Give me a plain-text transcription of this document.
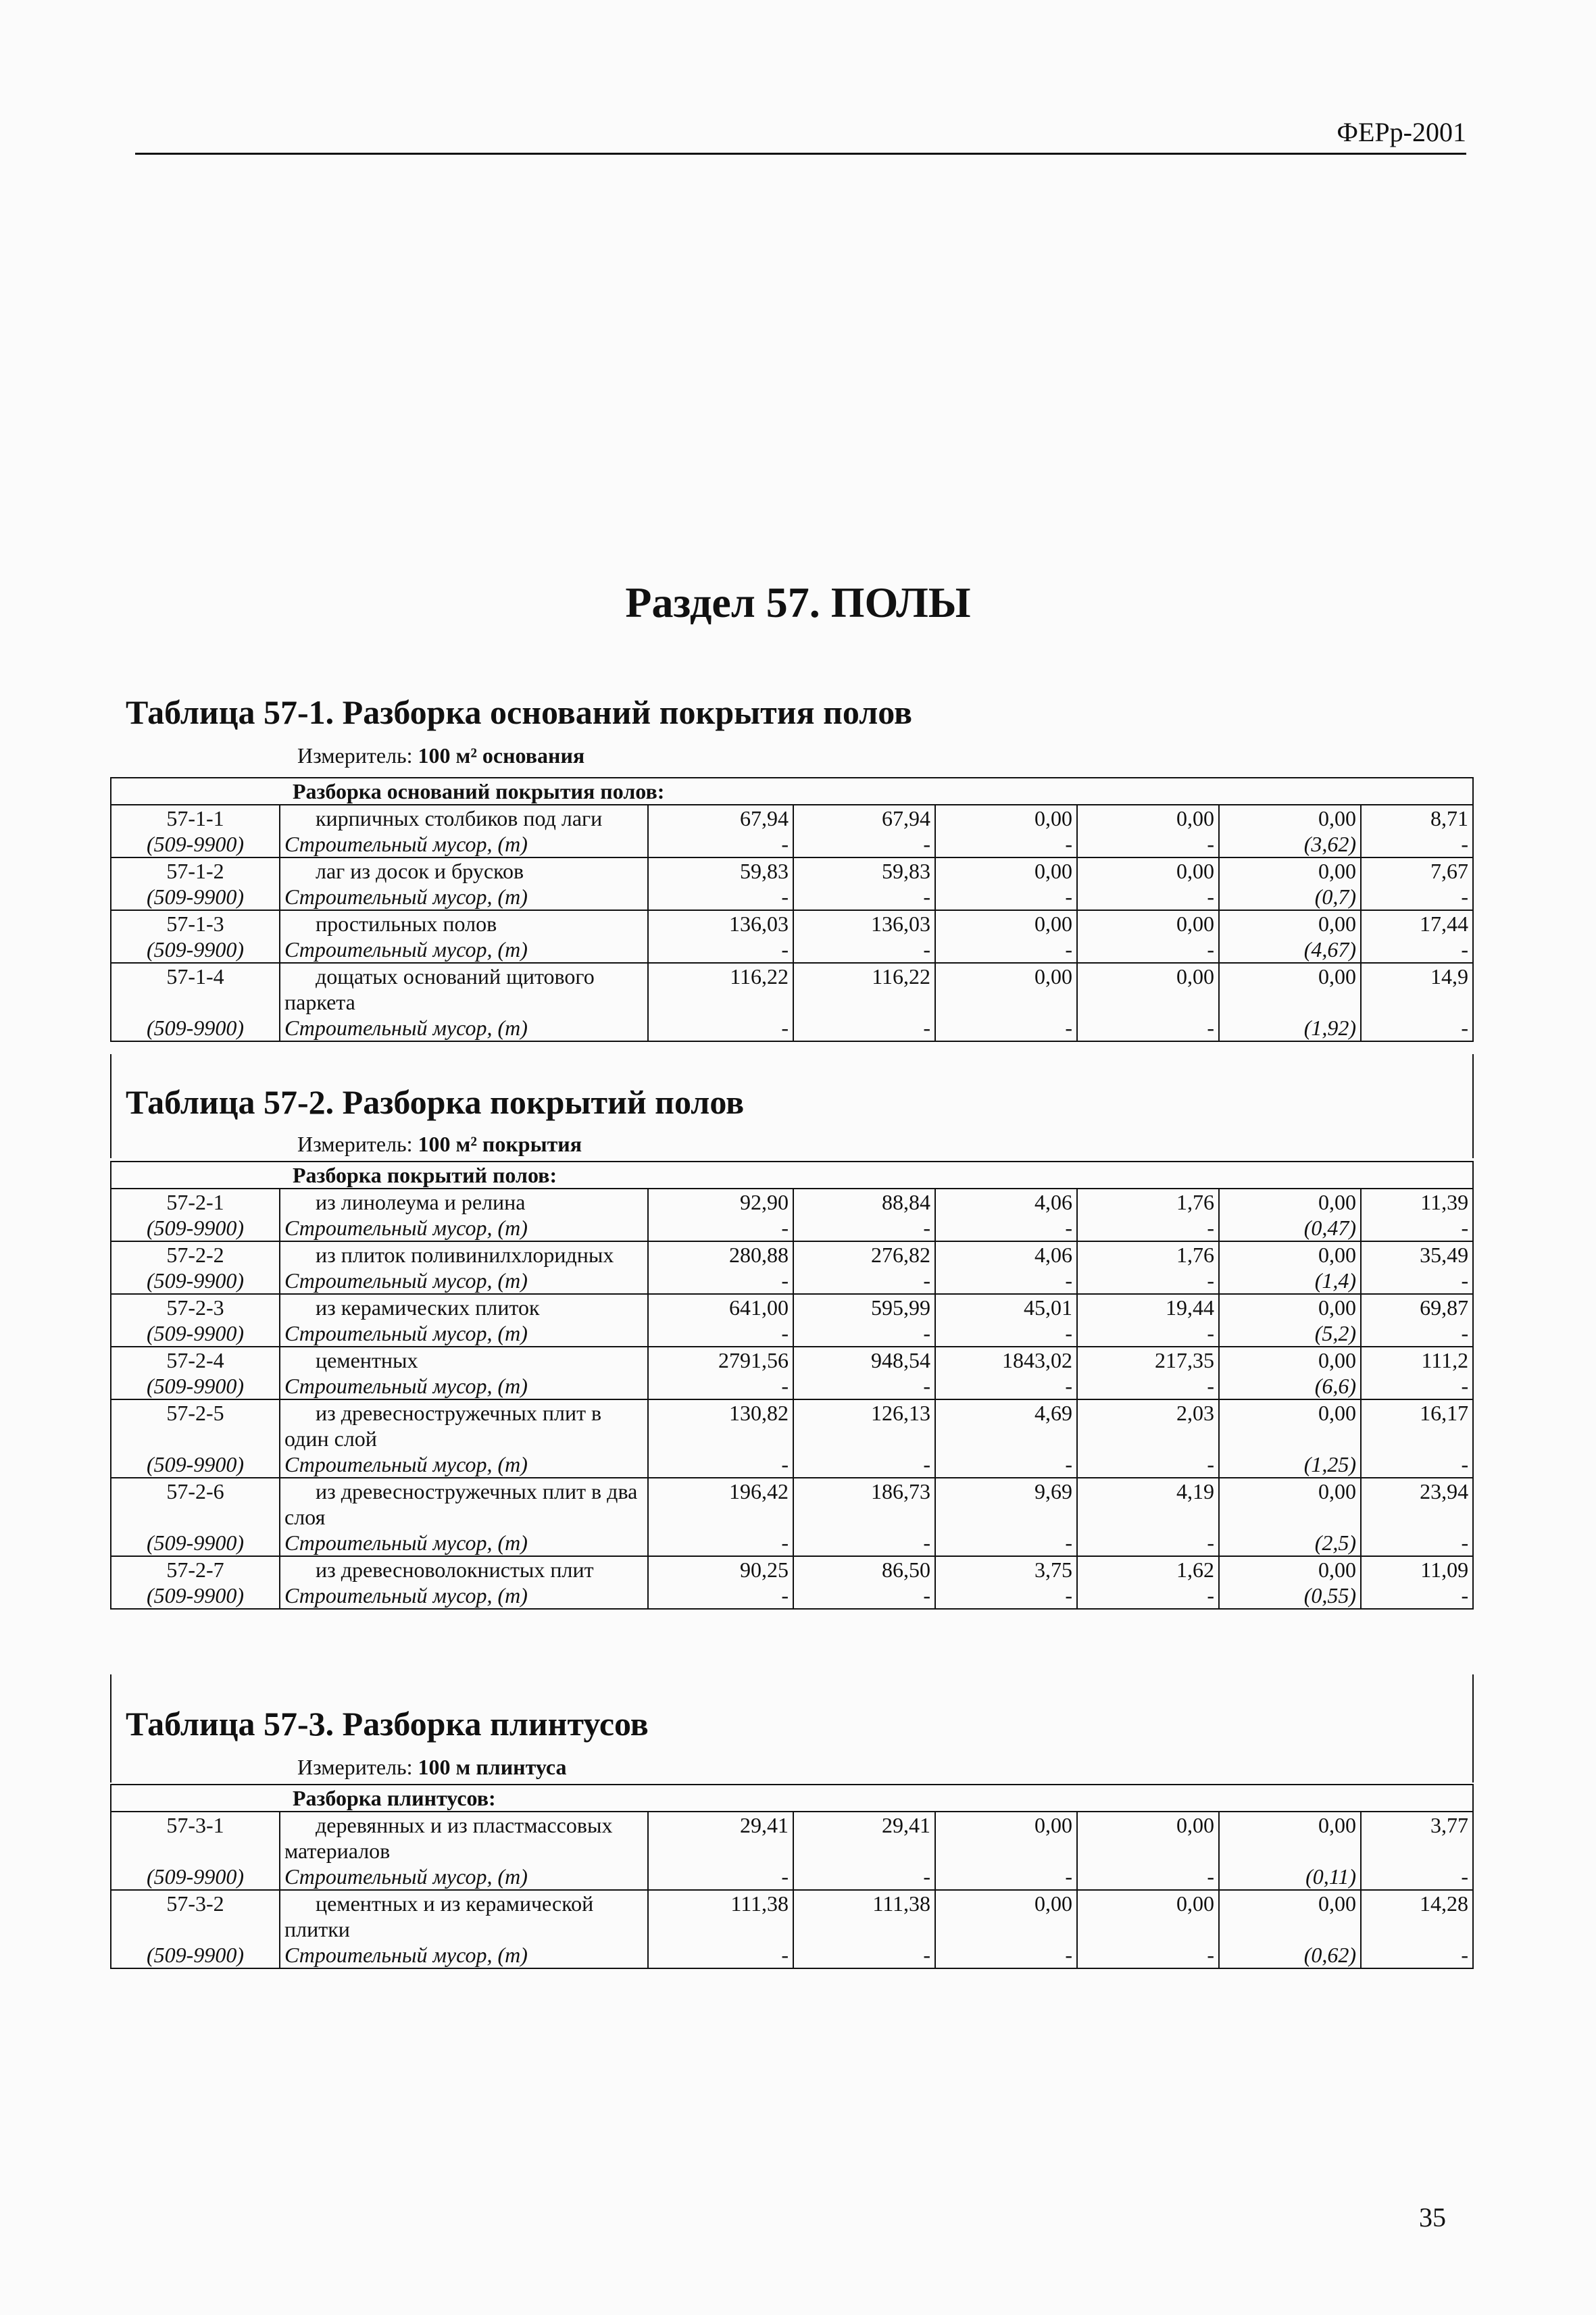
ФЕРр-2001
Раздел 57. ПОЛЫ
Таблица 57-1. Разборка оснований покрытия полов
Измеритель: 100 м² основания
Разборка оснований покрытия полов:							
57-1-1	кирпичных столбиков под лаги	67,94	67,94	0,00	0,00	0,00	8,71
(509-9900)	Строительный мусор, (т)	-	-	-	-	(3,62)	-
57-1-2	лаг из досок и брусков	59,83	59,83	0,00	0,00	0,00	7,67
(509-9900)	Строительный мусор, (т)	-	-	-	-	(0,7)	-
57-1-3	простильных полов	136,03	136,03	0,00	0,00	0,00	17,44
(509-9900)	Строительный мусор, (т)	-	-	-	-	(4,67)	-
57-1-4	дощатых оснований щитового паркета	116,22	116,22	0,00	0,00	0,00	14,9
(509-9900)	Строительный мусор, (т)	-	-	-	-	(1,92)	-
Таблица 57-2. Разборка покрытий полов
Измеритель: 100 м² покрытия
Разборка покрытий полов:							
57-2-1	из линолеума и релина	92,90	88,84	4,06	1,76	0,00	11,39
(509-9900)	Строительный мусор, (т)	-	-	-	-	(0,47)	-
57-2-2	из плиток поливинилхлоридных	280,88	276,82	4,06	1,76	0,00	35,49
(509-9900)	Строительный мусор, (т)	-	-	-	-	(1,4)	-
57-2-3	из керамических плиток	641,00	595,99	45,01	19,44	0,00	69,87
(509-9900)	Строительный мусор, (т)	-	-	-	-	(5,2)	-
57-2-4	цементных	2791,56	948,54	1843,02	217,35	0,00	111,2
(509-9900)	Строительный мусор, (т)	-	-	-	-	(6,6)	-
57-2-5	из древесностружечных плит в один слой	130,82	126,13	4,69	2,03	0,00	16,17
(509-9900)	Строительный мусор, (т)	-	-	-	-	(1,25)	-
57-2-6	из древесностружечных плит в два слоя	196,42	186,73	9,69	4,19	0,00	23,94
(509-9900)	Строительный мусор, (т)	-	-	-	-	(2,5)	-
57-2-7	из древесноволокнистых плит	90,25	86,50	3,75	1,62	0,00	11,09
(509-9900)	Строительный мусор, (т)	-	-	-	-	(0,55)	-
Таблица 57-3. Разборка плинтусов
Измеритель: 100 м плинтуса
Разборка плинтусов:							
57-3-1	деревянных и из пластмассовых материалов	29,41	29,41	0,00	0,00	0,00	3,77
(509-9900)	Строительный мусор, (т)	-	-	-	-	(0,11)	-
57-3-2	цементных и из керамической плитки	111,38	111,38	0,00	0,00	0,00	14,28
(509-9900)	Строительный мусор, (т)	-	-	-	-	(0,62)	-
35
